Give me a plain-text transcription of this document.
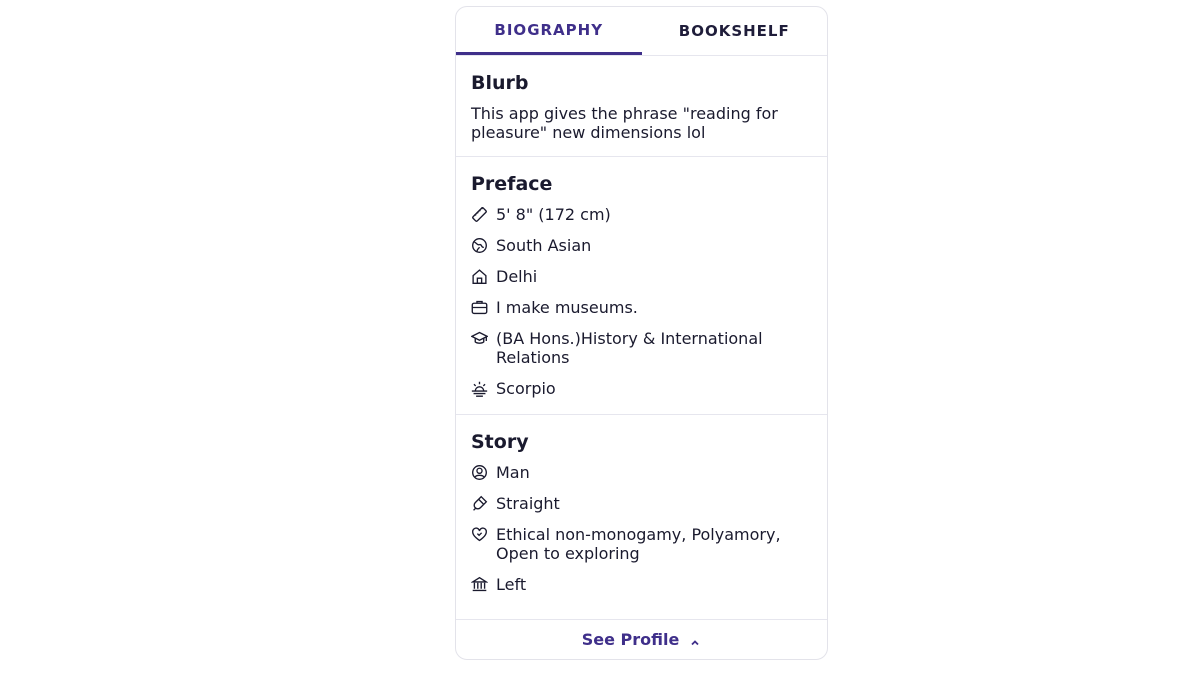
BIOGRAPHY	BOOKSHELF
Blurb
This app gives the phrase "reading for pleasure" new dimensions lol
Preface
5' 8" (172 cm)
South Asian
Delhi
I make museums.
(BA Hons.)History & International Relations
Scorpio
Story
Man
Straight
Ethical non-monogamy, Polyamory, Open to exploring
Left
See Profile
